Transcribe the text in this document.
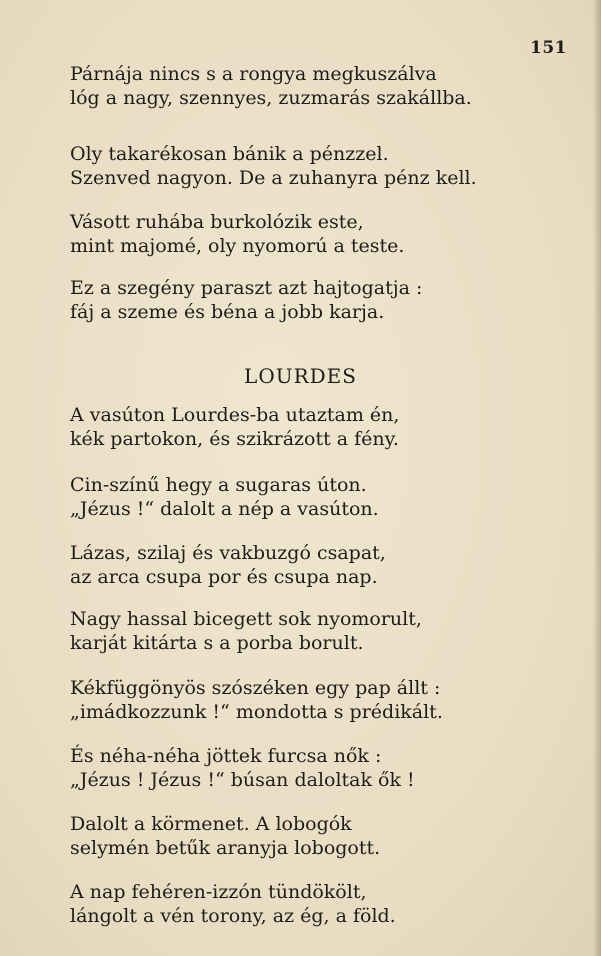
151
Párnája nincs s a rongya megkuszálva
lóg a nagy, szennyes, zuzmarás szakállba.
Oly takarékosan bánik a pénzzel.
Szenved nagyon. De a zuhanyra pénz kell.
Vásott ruhába burkolózik este,
mint majomé, oly nyomorú a teste.
Ez a szegény paraszt azt hajtogatja :
fáj a szeme és béna a jobb karja.
LOURDES
A vasúton Lourdes-ba utaztam én,
kék partokon, és szikrázott a fény.
Cin-színű hegy a sugaras úton.
„Jézus !“ dalolt a nép a vasúton.
Lázas, szilaj és vakbuzgó csapat,
az arca csupa por és csupa nap.
Nagy hassal bicegett sok nyomorult,
karját kitárta s a porba borult.
Kékfüggönyös szószéken egy pap állt :
„imádkozzunk !“ mondotta s prédikált.
És néha-néha jöttek furcsa nők :
„Jézus ! Jézus !“ búsan daloltak ők !
Dalolt a körmenet. A lobogók
selymén betűk aranyja lobogott.
A nap fehéren-izzón tündökölt,
lángolt a vén torony, az ég, a föld.
